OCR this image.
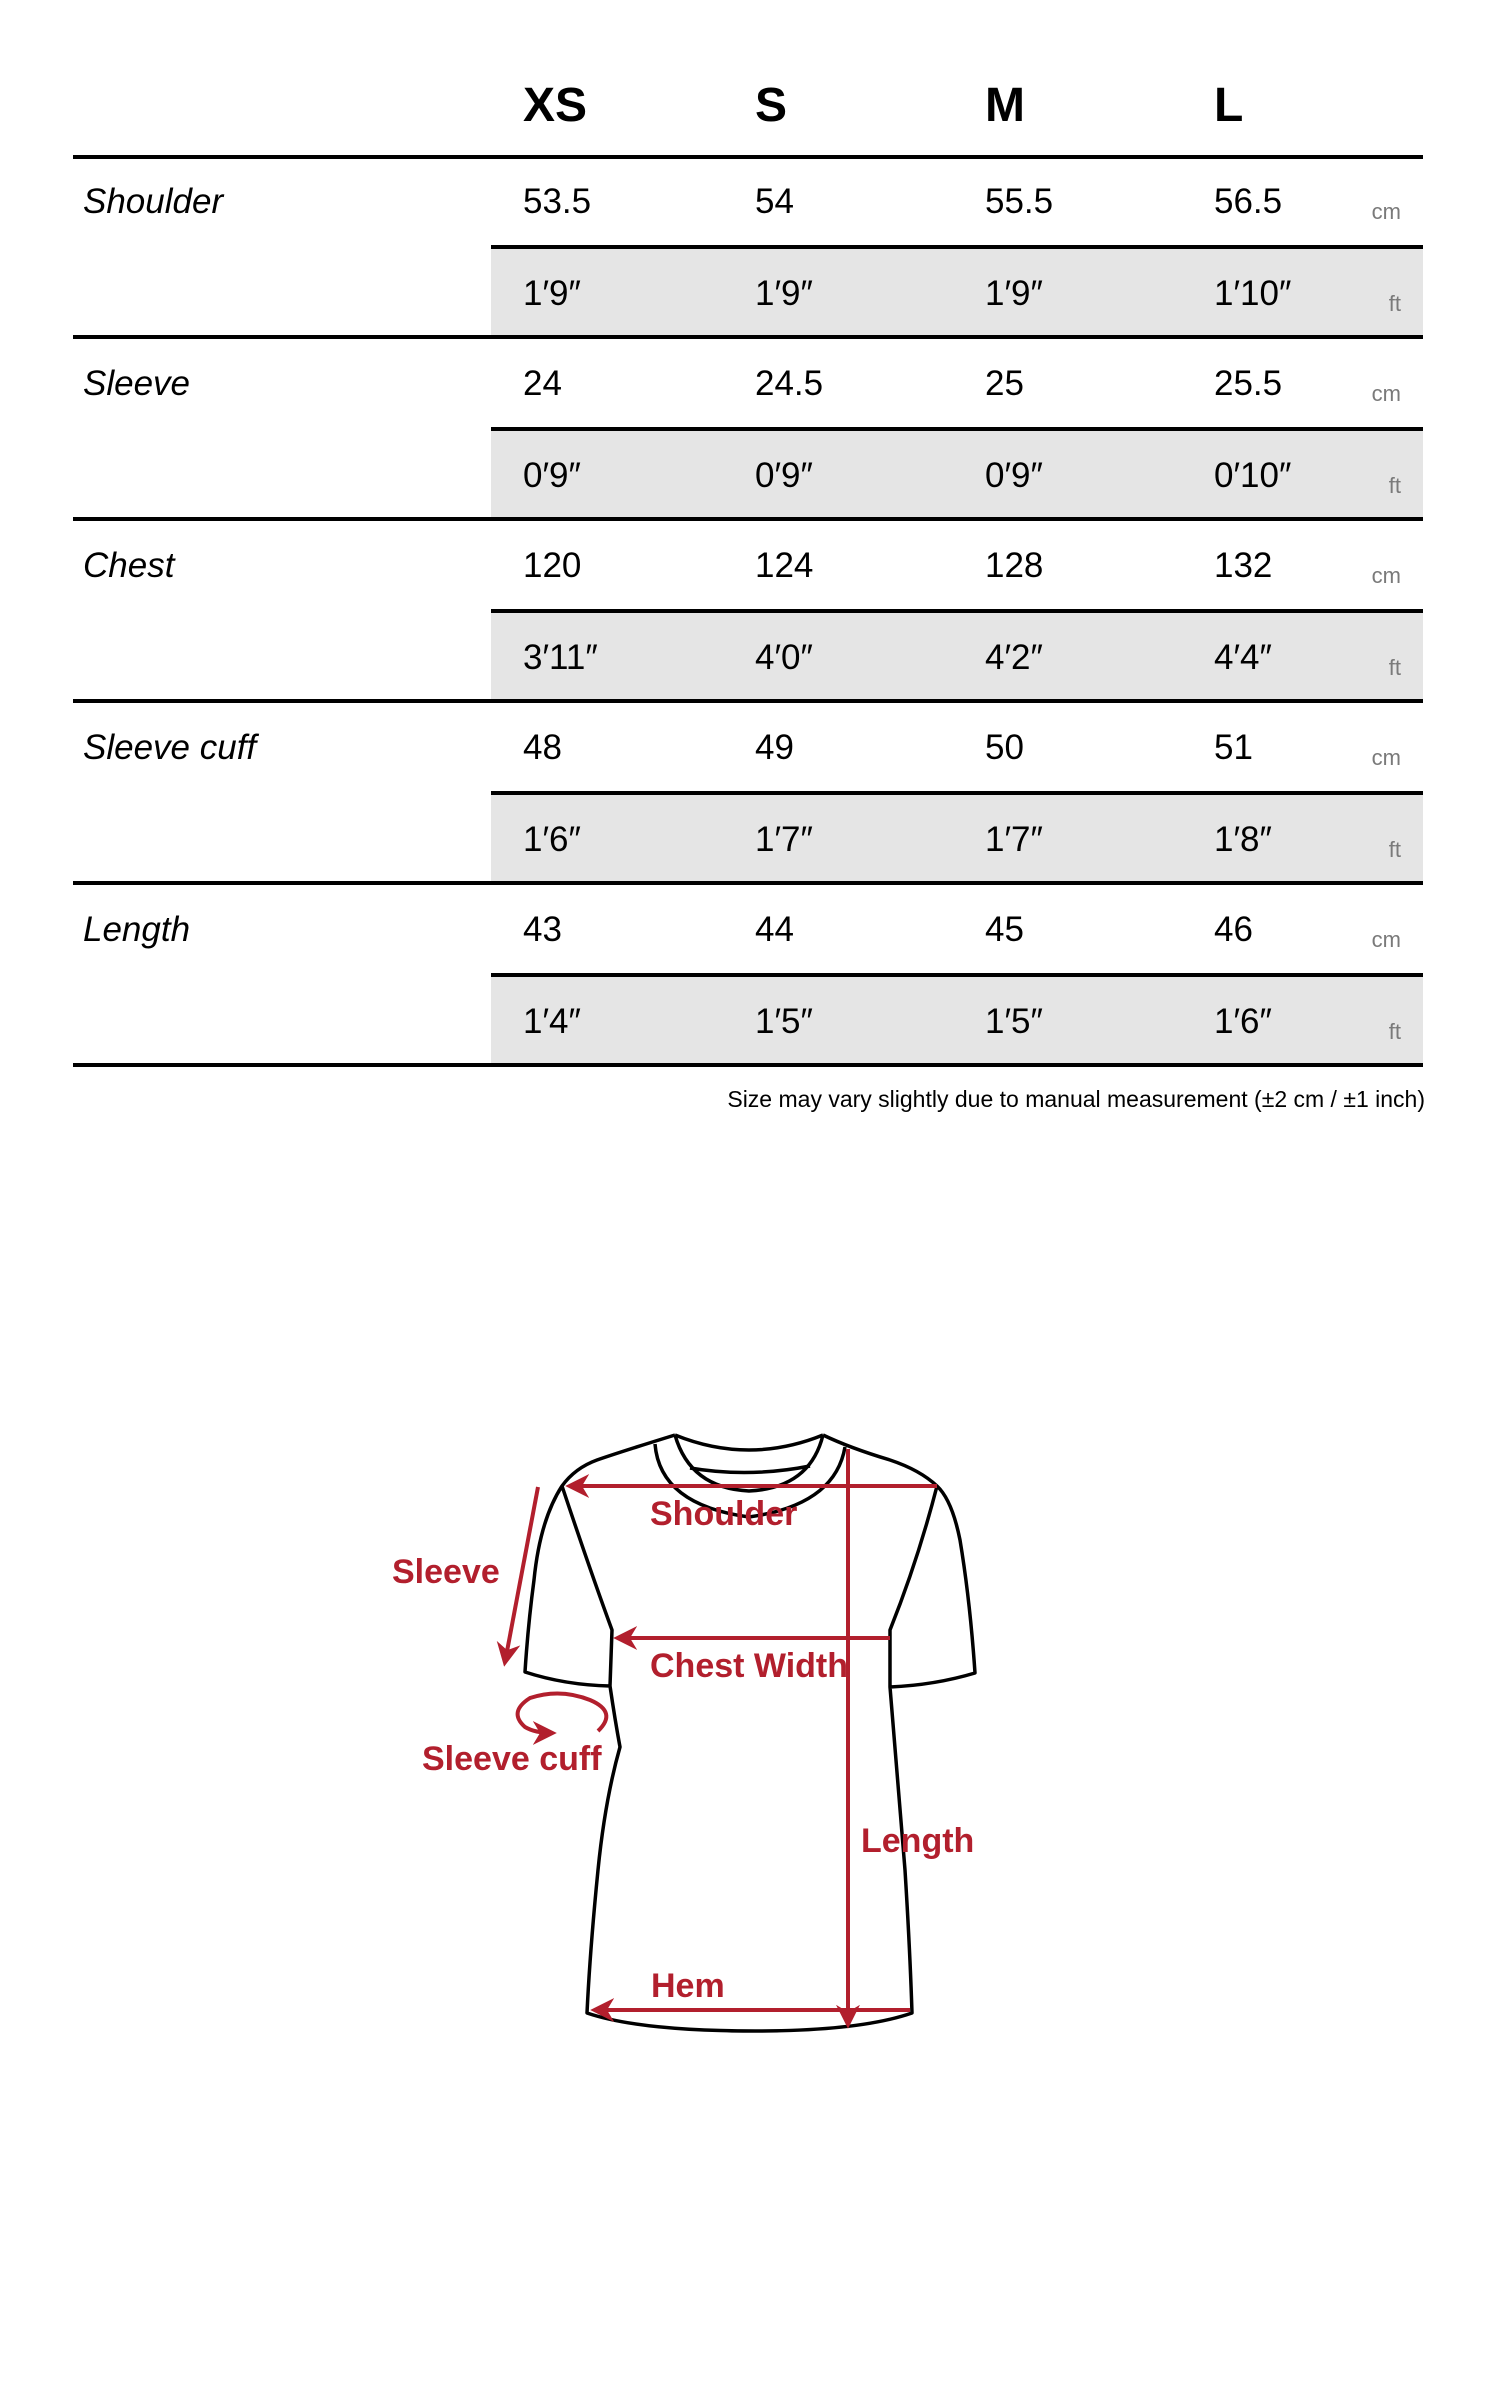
XS	S	M	L
Shoulder	53.5	54	55.5	56.5	cm
1′9″	1′9″	1′9″	1′10″	ft
Sleeve	24	24.5	25	25.5	cm
0′9″	0′9″	0′9″	0′10″	ft
Chest	120	124	128	132	cm
3′11″	4′0″	4′2″	4′4″	ft
Sleeve cuff	48	49	50	51	cm
1′6″	1′7″	1′7″	1′8″	ft
Length	43	44	45	46	cm
1′4″	1′5″	1′5″	1′6″	ft
Size may vary slightly due to manual measurement (±2 cm / ±1 inch)
Shoulder
Sleeve
Chest Width
Sleeve cuff
Length
Hem
